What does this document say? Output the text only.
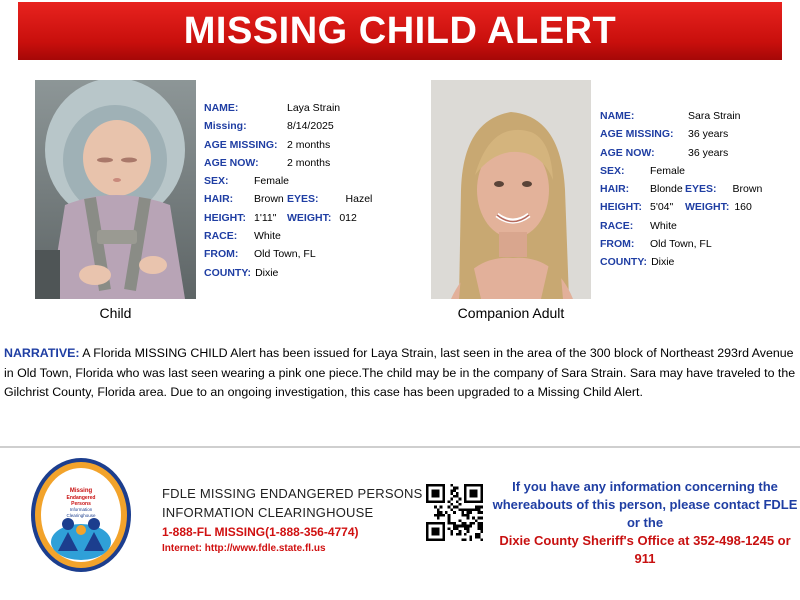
MISSING CHILD ALERT
Child
NAME:	Laya Strain
Missing:	8/14/2025
AGE MISSING: 2 months
AGE NOW:	2 months
SEX: Female
HAIR: Brown EYES:	Hazel
HEIGHT: 1'11" WEIGHT: 012
RACE: White
FROM: Old Town, FL
COUNTY: Dixie
Companion Adult
NAME:	Sara Strain
AGE MISSING: 36 years
AGE NOW:	36 years
SEX: Female
HAIR: Blonde EYES: Brown
HEIGHT: 5'04" WEIGHT: 160
RACE: White
FROM: Old Town, FL
COUNTY: Dixie
NARRATIVE: A Florida MISSING CHILD Alert has been issued for Laya Strain, last seen in the area of the 300 block of Northeast 293rd Avenue in Old Town, Florida who was last seen wearing a pink one piece.The child may be in the company of Sara Strain. Sara may have traveled to the Gilchrist County, Florida area. Due to an ongoing investigation, this case has been upgraded to a Missing Child Alert.
Missing
Endangered
Persons
Information
Clearinghouse
FDLE MISSING ENDANGERED PERSONS
INFORMATION CLEARINGHOUSE
1-888-FL MISSING(1-888-356-4774)
Internet: http://www.fdle.state.fl.us
If you have any information concerning the
whereabouts of this person, please contact FDLE
or the
Dixie County Sheriff's Office at 352-498-1245 or
911
